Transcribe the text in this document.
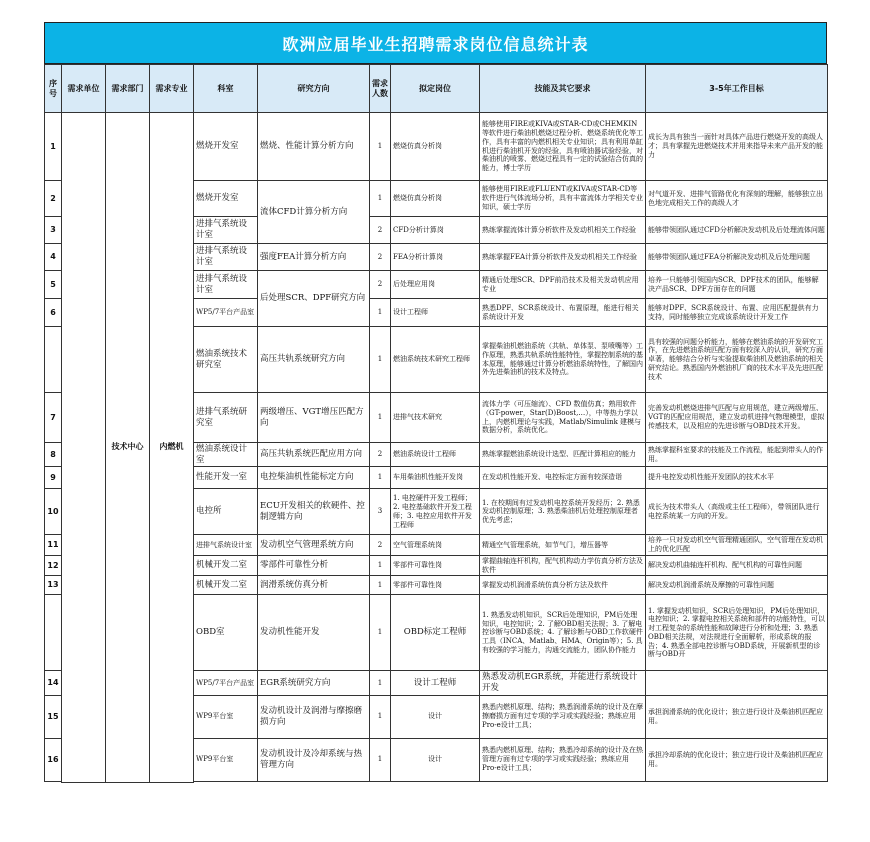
欧洲应届毕业生招聘需求岗位信息统计表
序号	需求单位	需求部门	需求专业	科室	研究方向	需求人数	拟定岗位	技能及其它要求	3-5年工作目标
1		技术中心	内燃机	燃烧开发室	燃烧、性能计算分析方向	1	燃烧仿真分析岗	能够使用FIRE或KIVA或STAR-CD或CHEMKIN等软件进行柴油机燃烧过程分析、燃烧系统优化等工作，具有丰富的内燃机相关专业知识；具有利用单缸机进行柴油机开发的经验，具有喷油器试验经验，对柴油机的喷雾、燃烧过程具有一定的试验结合仿真的能力，博士学历	成长为具有独当一面针对具体产品进行燃烧开发的高级人才；具有掌握先进燃烧技术并用来指导未来产品开发的能力
2				燃烧开发室	流体CFD计算分析方向	1	燃烧仿真分析岗	能够使用FIRE或FLUENT或KIVA或STAR-CD等软件进行气体流场分析，具有丰富流体力学相关专业知识，硕士学历	对气道开发、进排气管路优化有深刻的理解，能够独立出色地完成相关工作的高级人才
3				进排气系统设计室		2	CFD分析计算岗	熟练掌握流体计算分析软件及发动机相关工作经验	能够带领团队通过CFD分析解决发动机及后处理流体问题
4				进排气系统设计室	强度FEA计算分析方向	2	FEA分析计算岗	熟练掌握FEA计算分析软件及发动机相关工作经验	能够带领团队通过FEA分析解决发动机及后处理问题
5				进排气系统设计室	后处理SCR、DPF研究方向	2	后处理应用岗	精通后处理SCR、DPF前沿技术及相关发动机应用专业	培养一只能够引领国内SCR、DPF技术的团队，能够解决产品SCR、DPF方面存在的问题
6				WP5/7平台产品室		1	设计工程师	熟悉DPF、SCR系统设计、布置原理，能进行相关系统设计开发	能够对DPF、SCR系统设计、布置、应用匹配提供有力支持，同时能够独立完成该系统设计开发工作
				燃油系统技术研究室	高压共轨系统研究方向	1	燃油系统技术研究工程师	掌握柴油机燃油系统（共轨、单体泵、泵喷嘴等）工作原理，熟悉共轨系统性能特性，掌握控制系统的基本原理，能够通过计算分析燃油系统特性，了解国内外先进柴油机的技术及特点。	具有较强的问题分析能力，能够在燃油系统的开发研究工作，在先进燃油系统匹配方面有较深入的认识，研究方面卓著，能够结合分析与实验提取柴油机及燃油系统的相关研究结论。熟悉国内外燃油机厂商的技术水平及先进匹配技术
7				进排气系统研究室	两级增压、VGT增压匹配方向	1	进排气技术研究	流体力学（可压缩流）、CFD 数值仿真；熟用软件（GT-power，Star(D)Boost,…），中等热力学以上，内燃机理论与实践，Matlab/Simulink 建模与数据分析，系统优化。	完善发动机燃烧进排气匹配与应用规范，建立两级增压、VGT的匹配应用规范，建立发动机进排气物理模型，虚拟传感技术，以及相应的先进诊断与OBD技术开发。
8				燃油系统设计室	高压共轨系统匹配应用方向	2	燃油系统设计工程师	熟练掌握燃油系统设计选型、匹配计算相应的能力	熟练掌握科室要求的技能及工作流程，能起到带头人的作用。
9				性能开发一室	电控柴油机性能标定方向	1	车用柴油机性能开发岗	在发动机性能开发、电控标定方面有较深造诣	提升电控发动机性能开发团队的技术水平
10				电控所	ECU开发相关的软硬件、控制逻辑方向	3	1. 电控硬件开发工程师；2. 电控基础软件开发工程师；3. 电控应用软件开发工程师	1. 在校期间有过发动机电控系统开发经历；2. 熟悉发动机控制原理；3. 熟悉柴油机后处理控制原理者优先考虑；	成长为技术带头人（高级或主任工程师），带领团队进行电控系统某一方向的开发。
11				进排气系统设计室	发动机空气管理系统方向	2	空气管理系统岗	精通空气管理系统，如节气门，增压器等	培养一只对发动机空气管理精通团队，空气管理在发动机上的优化匹配
12				机械开发二室	零部件可靠性分析	1	零部件可靠性岗	掌握曲轴连杆机构，配气机构动力学仿真分析方法及软件	解决发动机曲轴连杆机构、配气机构的可靠性问题
13				机械开发二室	润滑系统仿真分析	1	零部件可靠性岗	掌握发动机润滑系统仿真分析方法及软件	解决发动机润滑系统及摩擦的可靠性问题
				OBD室	发动机性能开发	1	OBD标定工程师	1. 熟悉发动机知识，SCR后处理知识，PM后处理知识，电控知识；2. 了解OBD相关法规；3. 了解电控诊断与OBD系统；4. 了解诊断与OBD工作软硬件工具（INCA、Matlab、HMA、Origin等）；5. 具有较强的学习能力，沟通交流能力，团队协作能力	1. 掌握发动机知识，SCR后处理知识，PM后处理知识，电控知识；2. 掌握电控相关系统和部件的功能特性，可以对工程复杂的系统性能和故障进行分析和处理；3. 熟悉OBD相关法规，对法规进行全面解析，形成系统的报告；4. 熟悉全部电控诊断与OBD系统，开展新机型的诊断与OBD开
14				WP5/7平台产品室	EGR系统研究方向	1	设计工程师	熟悉发动机EGR系统，并能进行系统设计开发	
15				WP9平台室	发动机设计及润滑与摩擦磨损方向	1	设计	熟悉内燃机原理、结构；熟悉润滑系统的设计及在摩擦磨损方面有过专项的学习或实践经验；熟练应用Pro-e设计工具；	承担润滑系统的优化设计；独立进行设计及柴油机匹配应用。
16				WP9平台室	发动机设计及冷却系统与热管理方向	1	设计	熟悉内燃机原理、结构；熟悉冷却系统的设计及在热管理方面有过专项的学习或实践经验；熟练应用Pro-e设计工具；	承担冷却系统的优化设计；独立进行设计及柴油机匹配应用。
